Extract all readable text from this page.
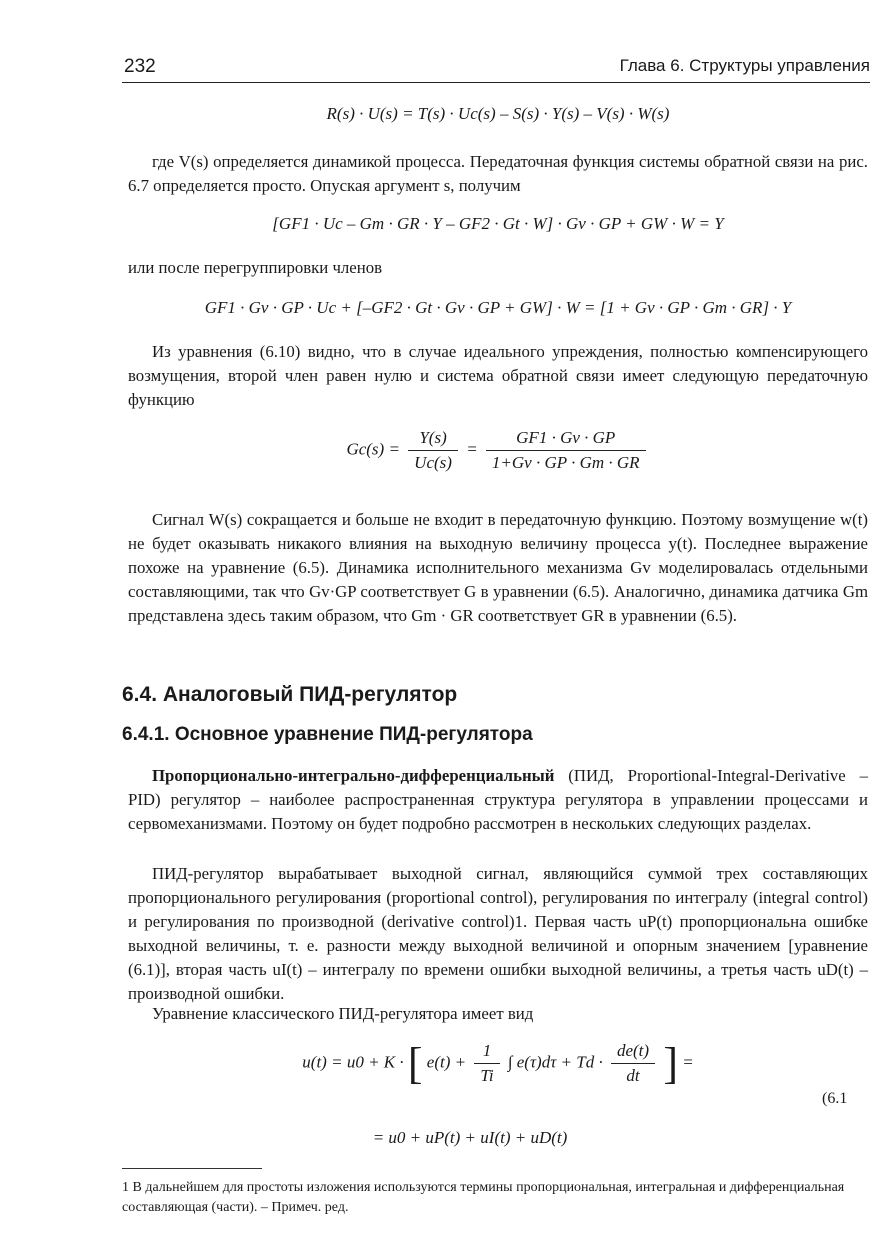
232	Глава 6. Структуры управления
R(s) · U(s) = T(s) · Uc(s) – S(s) · Y(s) – V(s) · W(s)

где V(s) определяется динамикой процесса. Передаточная функция системы обратной связи на рис. 6.7 определяется просто. Опуская аргумент s, получим

[GF1 · Uc – Gm · GR · Y – GF2 · Gt · W] · Gv · GP + GW · W = Y

или после перегруппировки членов

GF1 · Gv · GP · Uc + [–GF2 · Gt · Gv · GP + GW] · W = [1 + Gv · GP · Gm · GR] · Y

Из уравнения (6.10) видно, что в случае идеального упреждения, полностью компенсирующего возмущения, второй член равен нулю и система обратной связи имеет следующую передаточную функцию

$Gc(s) = \frac{Y(s)}{Uc(s)} = \frac{GF1 \cdot Gv \cdot GP}{1+Gv \cdot GP \cdot Gm \cdot GR}$

Сигнал W(s) сокращается и больше не входит в передаточную функцию. Поэтому возмущение w(t) не будет оказывать никакого влияния на выходную величину процесса y(t). Последнее выражение похоже на уравнение (6.5). Динамика исполнительного механизма Gv моделировалась отдельными составляющими, так что Gv·GP соответствует G в уравнении (6.5). Аналогично, динамика датчика Gm представлена здесь таким образом, что Gm · GR соответствует GR в уравнении (6.5).

6.4. Аналоговый ПИД-регулятор
6.4.1. Основное уравнение ПИД-регулятора

Пропорционально-интегрально-дифференциальный (ПИД, Proportional-Integral-Derivative – PID) регулятор – наиболее распространенная структура регулятора в управлении процессами и сервомеханизмами. Поэтому он будет подробно рассмотрен в нескольких следующих разделах.

ПИД-регулятор вырабатывает выходной сигнал, являющийся суммой трех составляющих пропорционального регулирования (proportional control), регулирования по интегралу (integral control) и регулирования по производной (derivative control)1. Первая часть uP(t) пропорциональна ошибке выходной величины, т. е. разности между выходной величиной и опорным значением [уравнение (6.1)], вторая часть uI(t) – интегралу по времени ошибки выходной величины, а третья часть uD(t) – производной ошибки.

Уравнение классического ПИД-регулятора имеет вид

u(t) = u0 + K · [ $e(t) + \frac{1}{Ti}$ ∫ $e(\tau)d\tau + Td \cdot \frac{de(t)}{dt}$ ] =
(6.1
= u0 + uP(t) + uI(t) + uD(t)
1 В дальнейшем для простоты изложения используются термины пропорциональная, интегральная и дифференциальная составляющая (части). – Примеч. ред.
